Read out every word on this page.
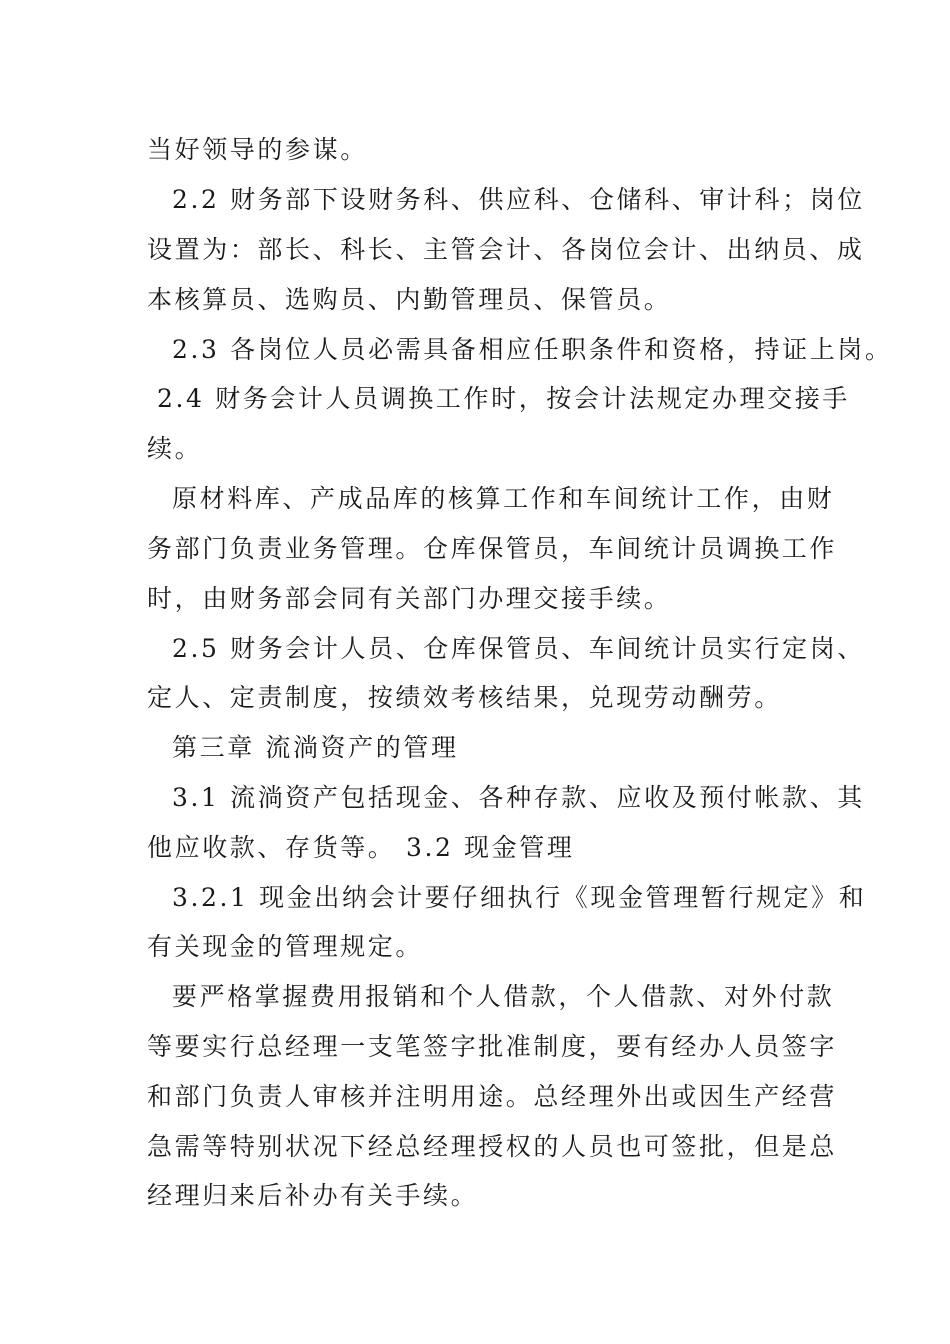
当好领导的参谋。
2.2 财务部下设财务科、供应科、仓储科、审计科；岗位
设置为：部长、科长、主管会计、各岗位会计、出纳员、成
本核算员、选购员、内勤管理员、保管员。
2.3 各岗位人员必需具备相应任职条件和资格，持证上岗。
2.4 财务会计人员调换工作时，按会计法规定办理交接手
续。
原材料库、产成品库的核算工作和车间统计工作，由财
务部门负责业务管理。仓库保管员，车间统计员调换工作
时，由财务部会同有关部门办理交接手续。
2.5 财务会计人员、仓库保管员、车间统计员实行定岗、
定人、定责制度，按绩效考核结果，兑现劳动酬劳。
第三章 流淌资产的管理
3.1 流淌资产包括现金、各种存款、应收及预付帐款、其
他应收款、存货等。 3.2 现金管理
3.2.1 现金出纳会计要仔细执行《现金管理暂行规定》和
有关现金的管理规定。
要严格掌握费用报销和个人借款，个人借款、对外付款
等要实行总经理一支笔签字批准制度，要有经办人员签字
和部门负责人审核并注明用途。总经理外出或因生产经营
急需等特别状况下经总经理授权的人员也可签批，但是总
经理归来后补办有关手续。
